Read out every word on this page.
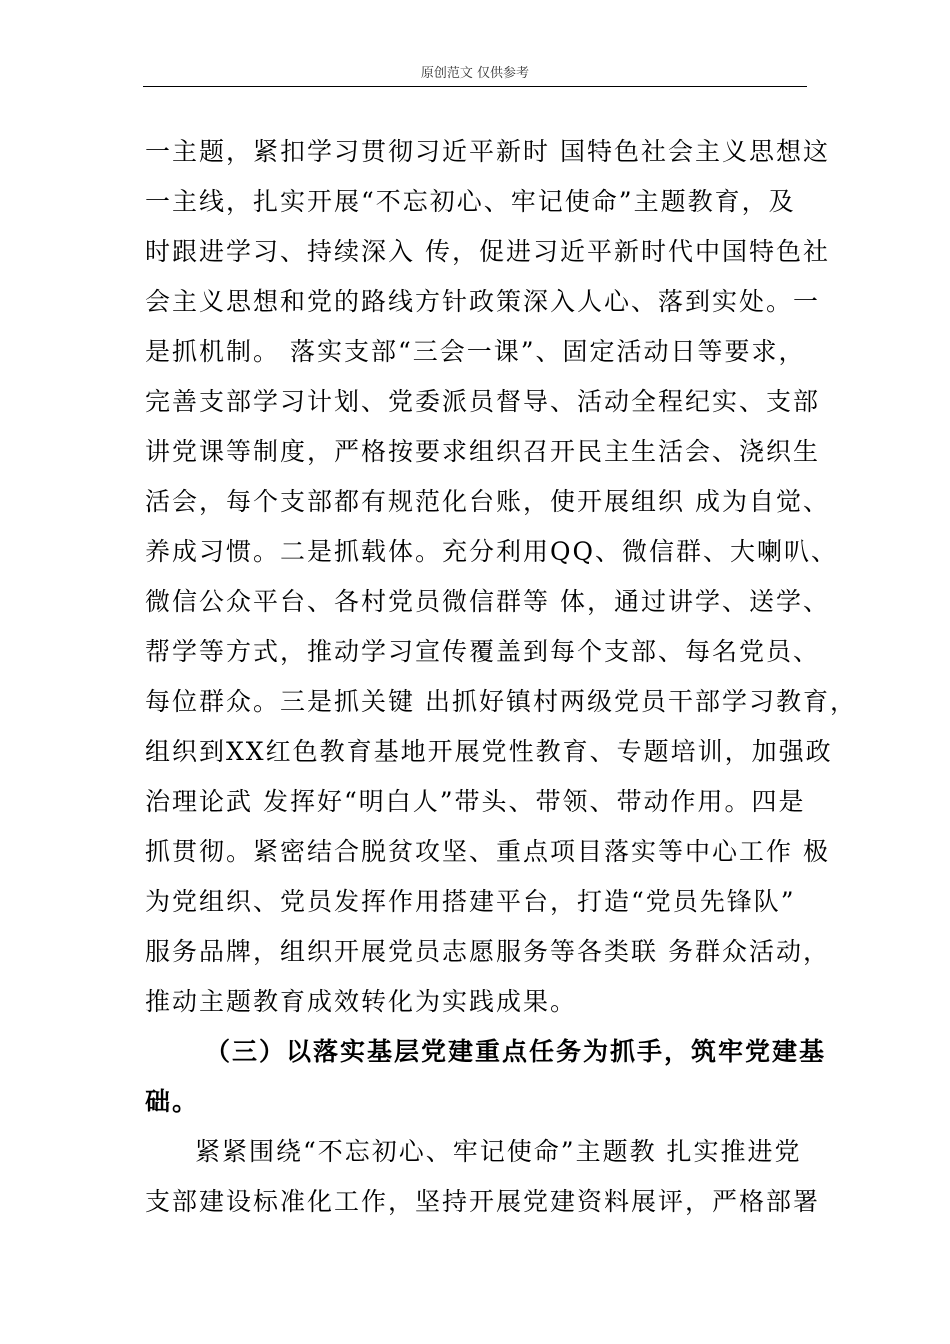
原创范文 仅供参考
一主题，紧扣学习贯彻习近平新时 国特色社会主义思想这
一主线，扎实开展“不忘初心、牢记使命”主题教育，及
时跟进学习、持续深入 传，促进习近平新时代中国特色社
会主义思想和党的路线方针政策深入人心、落到实处。一
是抓机制。 落实支部“三会一课”、固定活动日等要求，
完善支部学习计划、党委派员督导、活动全程纪实、支部
讲党课等制度，严格按要求组织召开民主生活会、浇织生
活会，每个支部都有规范化台账，使开展组织 成为自觉、
养成习惯。二是抓载体。充分利用QQ、微信群、大喇叭、
微信公众平台、各村党员微信群等 体，通过讲学、送学、
帮学等方式，推动学习宣传覆盖到每个支部、每名党员、
每位群众。三是抓关键 出抓好镇村两级党员干部学习教育，
组织到XX红色教育基地开展党性教育、专题培训，加强政
治理论武 发挥好“明白人”带头、带领、带动作用。四是
抓贯彻。紧密结合脱贫攻坚、重点项目落实等中心工作 极
为党组织、党员发挥作用搭建平台，打造“党员先锋队”
服务品牌，组织开展党员志愿服务等各类联 务群众活动，
推动主题教育成效转化为实践成果。
（三）以落实基层党建重点任务为抓手，筑牢党建基
础。
紧紧围绕“不忘初心、牢记使命”主题教 扎实推进党
支部建设标准化工作，坚持开展党建资料展评，严格部署
